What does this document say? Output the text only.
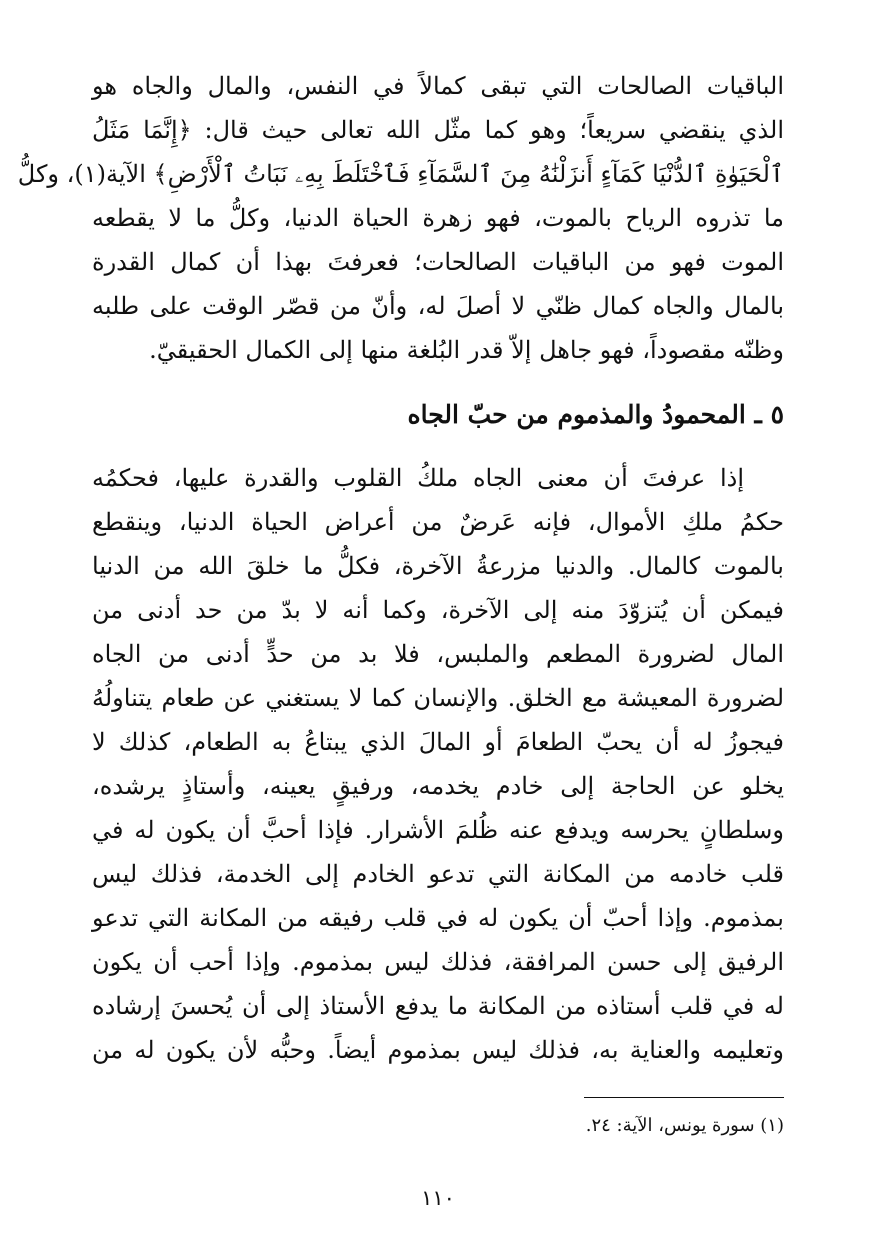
الباقيات الصالحات التي تبقى كمالاً في النفس، والمال والجاه هو
الذي ينقضي سريعاً؛ وهو كما مثّل الله تعالى حيث قال: ﴿إِنَّمَا مَثَلُ
ٱلْحَيَوٰةِ ٱلدُّنْيَا كَمَآءٍ أَنزَلْنَٰهُ مِنَ ٱلسَّمَآءِ فَٱخْتَلَطَ بِهِۦ نَبَاتُ ٱلْأَرْضِ﴾ الآية(١)، وكلُّ
ما تذروه الرياح بالموت، فهو زهرة الحياة الدنيا، وكلُّ ما لا يقطعه
الموت فهو من الباقيات الصالحات؛ فعرفتَ بهذا أن كمال القدرة
بالمال والجاه كمال ظنّي لا أصلَ له، وأنّ من قصّر الوقت على طلبه
وظنّه مقصوداً، فهو جاهل إلاّ قدر البُلغة منها إلى الكمال الحقيقيّ.
٥ ـ المحمودُ والمذموم من حبّ الجاه
إذا عرفتَ أن معنى الجاه ملكُ القلوب والقدرة عليها، فحكمُه
حكمُ ملكِ الأموال، فإنه عَرضٌ من أعراض الحياة الدنيا، وينقطع
بالموت كالمال. والدنيا مزرعةُ الآخرة، فكلُّ ما خلقَ الله من الدنيا
فيمكن أن يُتزوّدَ منه إلى الآخرة، وكما أنه لا بدّ من حد أدنى من
المال لضرورة المطعم والملبس، فلا بد من حدٍّ أدنى من الجاه
لضرورة المعيشة مع الخلق. والإنسان كما لا يستغني عن طعام يتناولُهُ
فيجوزُ له أن يحبّ الطعامَ أو المالَ الذي يبتاعُ به الطعام، كذلك لا
يخلو عن الحاجة إلى خادم يخدمه، ورفيقٍ يعينه، وأستاذٍ يرشده،
وسلطانٍ يحرسه ويدفع عنه ظُلمَ الأشرار. فإذا أحبَّ أن يكون له في
قلب خادمه من المكانة التي تدعو الخادم إلى الخدمة، فذلك ليس
بمذموم. وإذا أحبّ أن يكون له في قلب رفيقه من المكانة التي تدعو
الرفيق إلى حسن المرافقة، فذلك ليس بمذموم. وإذا أحب أن يكون
له في قلب أستاذه من المكانة ما يدفع الأستاذ إلى أن يُحسنَ إرشاده
وتعليمه والعناية به، فذلك ليس بمذموم أيضاً. وحبُّه لأن يكون له من
(١) سورة يونس، الآية: ٢٤.
١١٠
